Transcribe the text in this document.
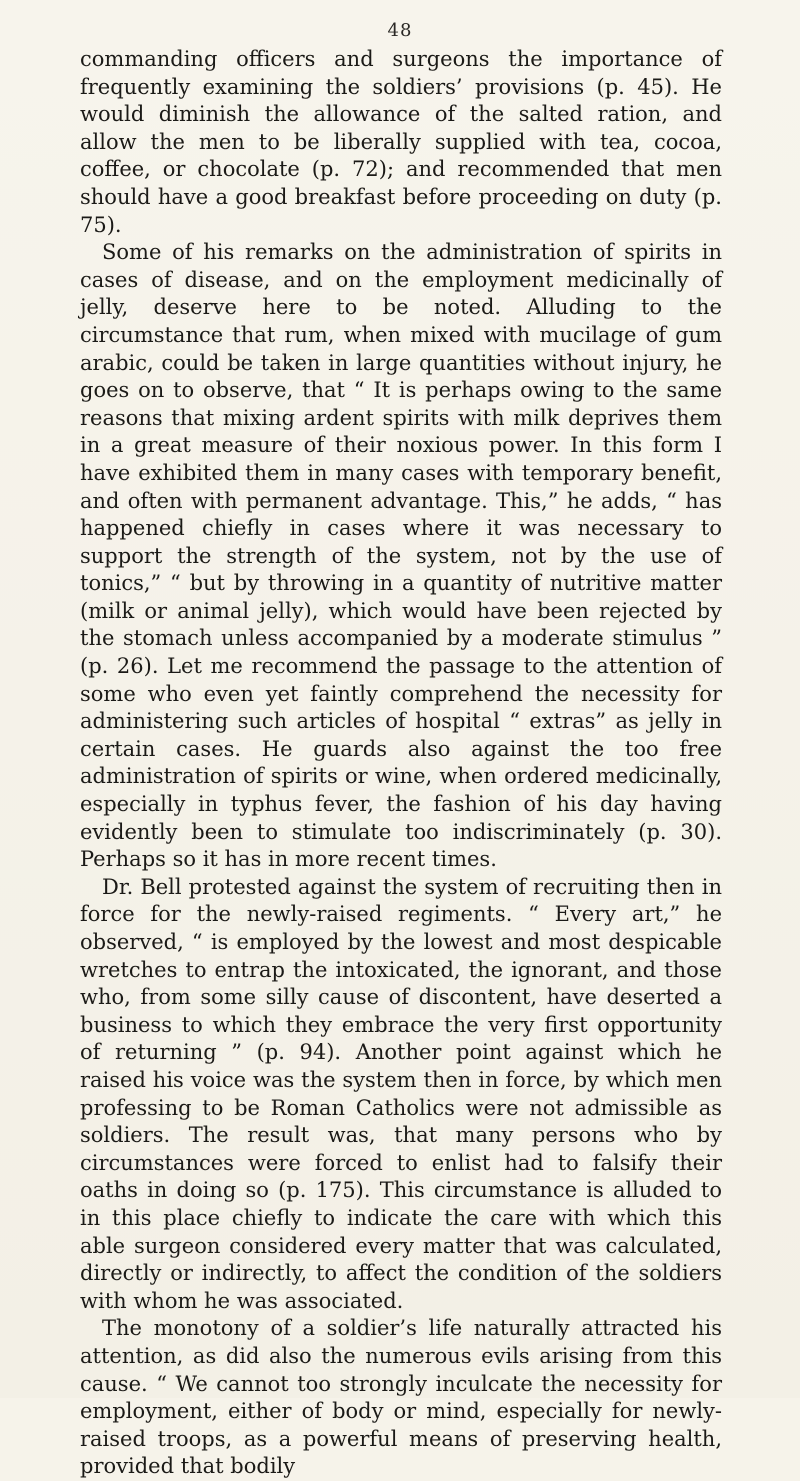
48

commanding officers and surgeons the importance of frequently examining the soldiers’ provisions (p. 45). He would diminish the allowance of the salted ration, and allow the men to be liberally supplied with tea, cocoa, coffee, or chocolate (p. 72); and recommended that men should have a good breakfast before proceeding on duty (p. 75).

Some of his remarks on the administration of spirits in cases of disease, and on the employment medicinally of jelly, deserve here to be noted. Alluding to the circumstance that rum, when mixed with mucilage of gum arabic, could be taken in large quantities without injury, he goes on to observe, that “ It is perhaps owing to the same reasons that mixing ardent spirits with milk deprives them in a great measure of their noxious power. In this form I have exhibited them in many cases with temporary benefit, and often with permanent advantage. This,” he adds, “ has happened chiefly in cases where it was necessary to support the strength of the system, not by the use of tonics,” “ but by throwing in a quantity of nutritive matter (milk or animal jelly), which would have been rejected by the stomach unless accompanied by a moderate stimulus ” (p. 26). Let me recommend the passage to the attention of some who even yet faintly comprehend the necessity for administering such articles of hospital “ extras” as jelly in certain cases. He guards also against the too free administration of spirits or wine, when ordered medicinally, especially in typhus fever, the fashion of his day having evidently been to stimulate too indiscriminately (p. 30). Perhaps so it has in more recent times.

Dr. Bell protested against the system of recruiting then in force for the newly-raised regiments. “ Every art,” he observed, “ is employed by the lowest and most despicable wretches to entrap the intoxicated, the ignorant, and those who, from some silly cause of discontent, have deserted a business to which they embrace the very first opportunity of returning ” (p. 94). Another point against which he raised his voice was the system then in force, by which men professing to be Roman Catholics were not admissible as soldiers. The result was, that many persons who by circumstances were forced to enlist had to falsify their oaths in doing so (p. 175). This circumstance is alluded to in this place chiefly to indicate the care with which this able surgeon considered every matter that was calculated, directly or indirectly, to affect the condition of the soldiers with whom he was associated.

The monotony of a soldier’s life naturally attracted his attention, as did also the numerous evils arising from this cause. “ We cannot too strongly inculcate the necessity for employment, either of body or mind, especially for newly-raised troops, as a powerful means of preserving health, provided that bodily
